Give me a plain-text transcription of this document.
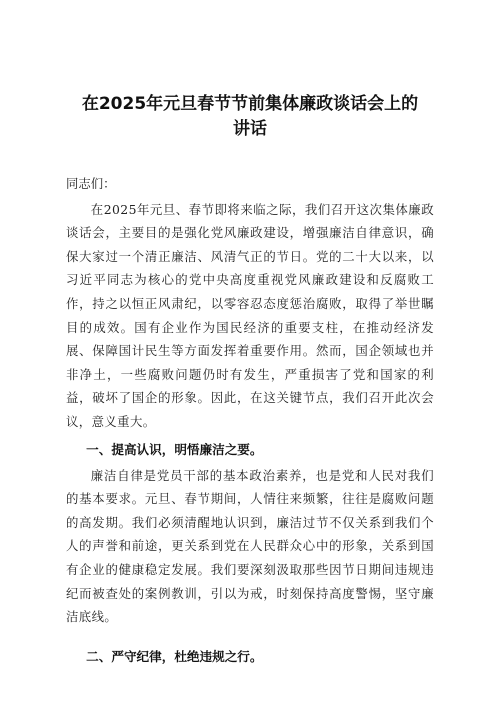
在2025年元旦春节节前集体廉政谈话会上的
讲话

同志们：

在2025年元旦、春节即将来临之际，我们召开这次集体廉政谈话会，主要目的是强化党风廉政建设，增强廉洁自律意识，确保大家过一个清正廉洁、风清气正的节日。党的二十大以来，以习近平同志为核心的党中央高度重视党风廉政建设和反腐败工作，持之以恒正风肃纪，以零容忍态度惩治腐败，取得了举世瞩目的成效。国有企业作为国民经济的重要支柱，在推动经济发展、保障国计民生等方面发挥着重要作用。然而，国企领域也并非净土，一些腐败问题仍时有发生，严重损害了党和国家的利益，破坏了国企的形象。因此，在这关键节点，我们召开此次会议，意义重大。

一、提高认识，明悟廉洁之要。

廉洁自律是党员干部的基本政治素养，也是党和人民对我们的基本要求。元旦、春节期间，人情往来频繁，往往是腐败问题的高发期。我们必须清醒地认识到，廉洁过节不仅关系到我们个人的声誉和前途，更关系到党在人民群众心中的形象，关系到国有企业的健康稳定发展。我们要深刻汲取那些因节日期间违规违纪而被查处的案例教训，引以为戒，时刻保持高度警惕，坚守廉洁底线。

二、严守纪律，杜绝违规之行。
